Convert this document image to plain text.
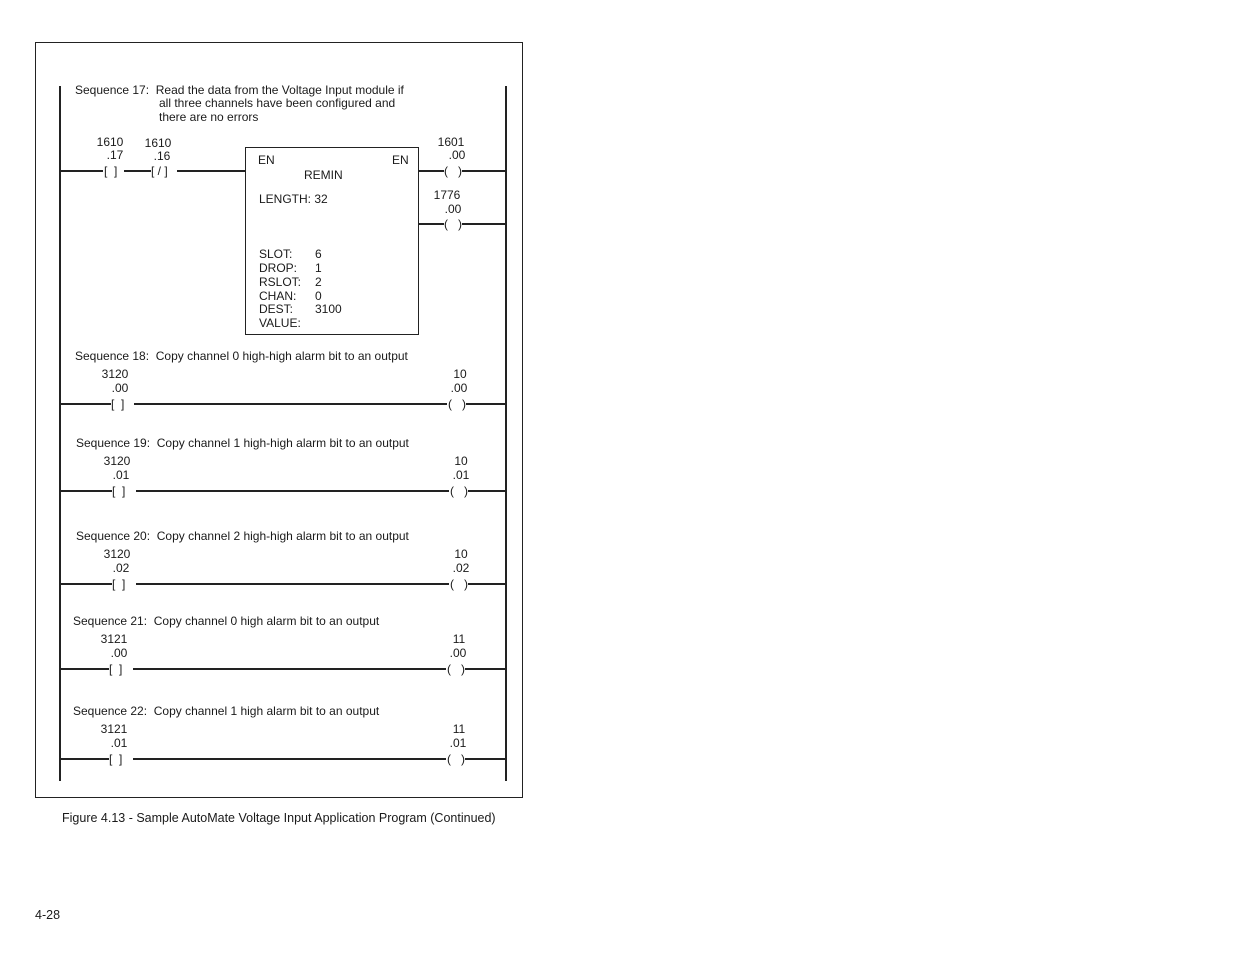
Sequence 17:  Read the data from the Voltage Input module if
all three channels have been configured and
there are no errors
1610
.17
1610
.16
[  ]	[ / ]
EN	EN
REMIN
LENGTH: 32
SLOT: 6
DROP: 1
RSLOT: 2
CHAN: 0
DEST: 3100
VALUE:
1601
.00
(   )
1776
.00
(   )
Sequence 18:  Copy channel 0 high-high alarm bit to an output
3120
.00
[  ]
10
.00
(   )
Sequence 19:  Copy channel 1 high-high alarm bit to an output
3120
.01
[  ]
10
.01
(   )
Sequence 20:  Copy channel 2 high-high alarm bit to an output
3120
.02
[  ]
10
.02
(   )
Sequence 21:  Copy channel 0 high alarm bit to an output
3121
.00
[  ]
11
.00
(   )
Sequence 22:  Copy channel 1 high alarm bit to an output
3121
.01
[  ]
11
.01
(   )
Figure 4.13 - Sample AutoMate Voltage Input Application Program (Continued)
4-28
